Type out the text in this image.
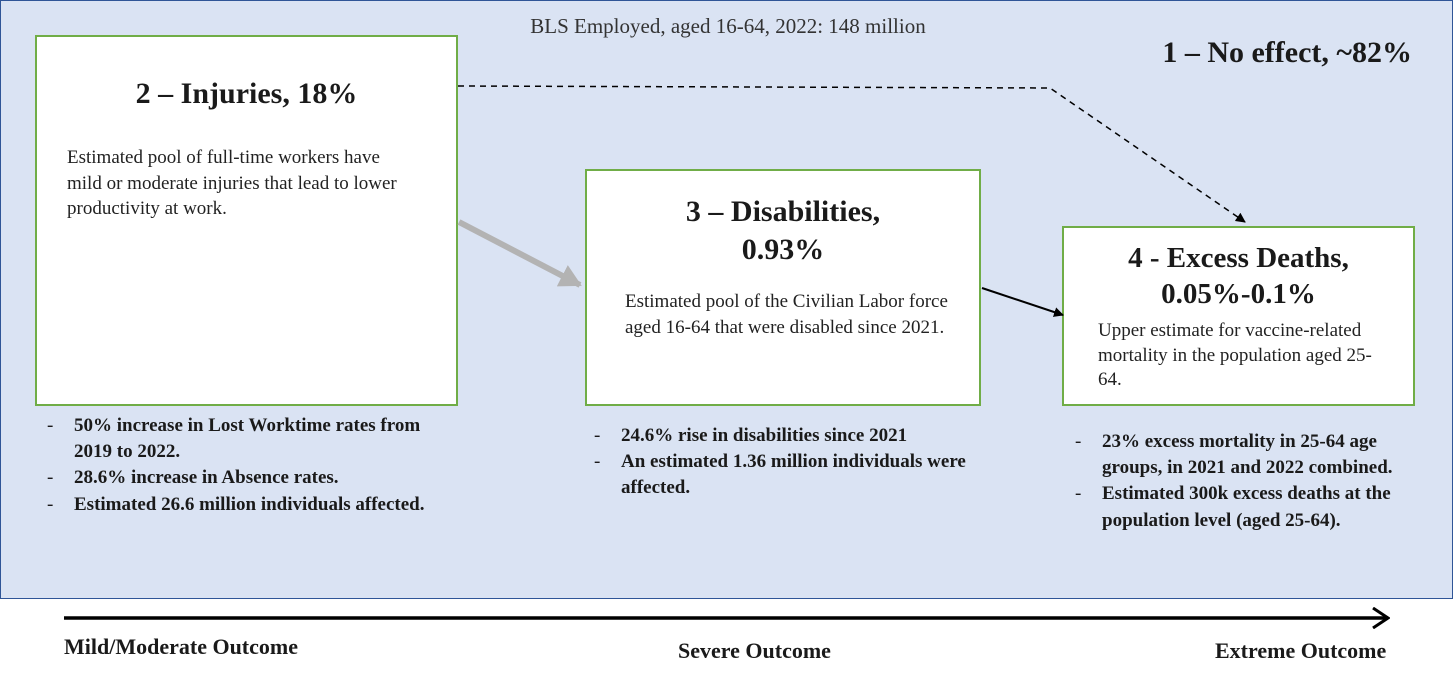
BLS Employed, aged 16-64, 2022: 148 million
1 – No effect, ~82%
2 – Injuries, 18%
Estimated pool of full-time workers have mild or moderate injuries that lead to lower productivity at work.	3 – Disabilities,
0.93%
Estimated pool of the Civilian Labor force aged 16-64 that were disabled since 2021.
4 - Excess Deaths,
0.05%-0.1%
Upper estimate for vaccine-related mortality in the population aged 25-64.
- 50% increase in Lost Worktime rates from 2019 to 2022.
- 28.6% increase in Absence rates.
- Estimated 26.6 million individuals affected.
- 24.6% rise in disabilities since 2021
- An estimated 1.36 million individuals were affected.
- 23% excess mortality in 25-64 age groups, in 2021 and 2022 combined.
- Estimated 300k excess deaths at the population level (aged 25-64).
Mild/Moderate Outcome	Severe Outcome	Extreme Outcome
